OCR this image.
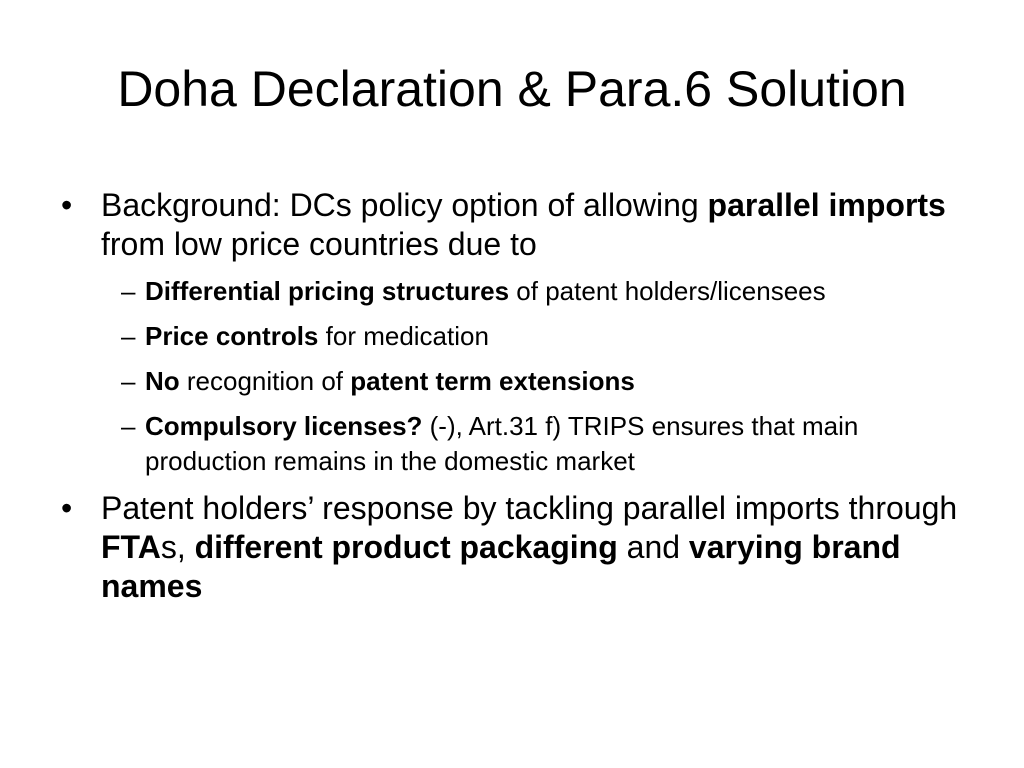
Doha Declaration & Para.6 Solution
• Background: DCs policy option of allowing parallel imports from low price countries due to
– Differential pricing structures of patent holders/licensees
– Price controls for medication
– No recognition of patent term extensions
– Compulsory licenses? (-), Art.31 f) TRIPS ensures that main production remains in the domestic market
• Patent holders’ response by tackling parallel imports through FTAs, different product packaging and varying brand names
